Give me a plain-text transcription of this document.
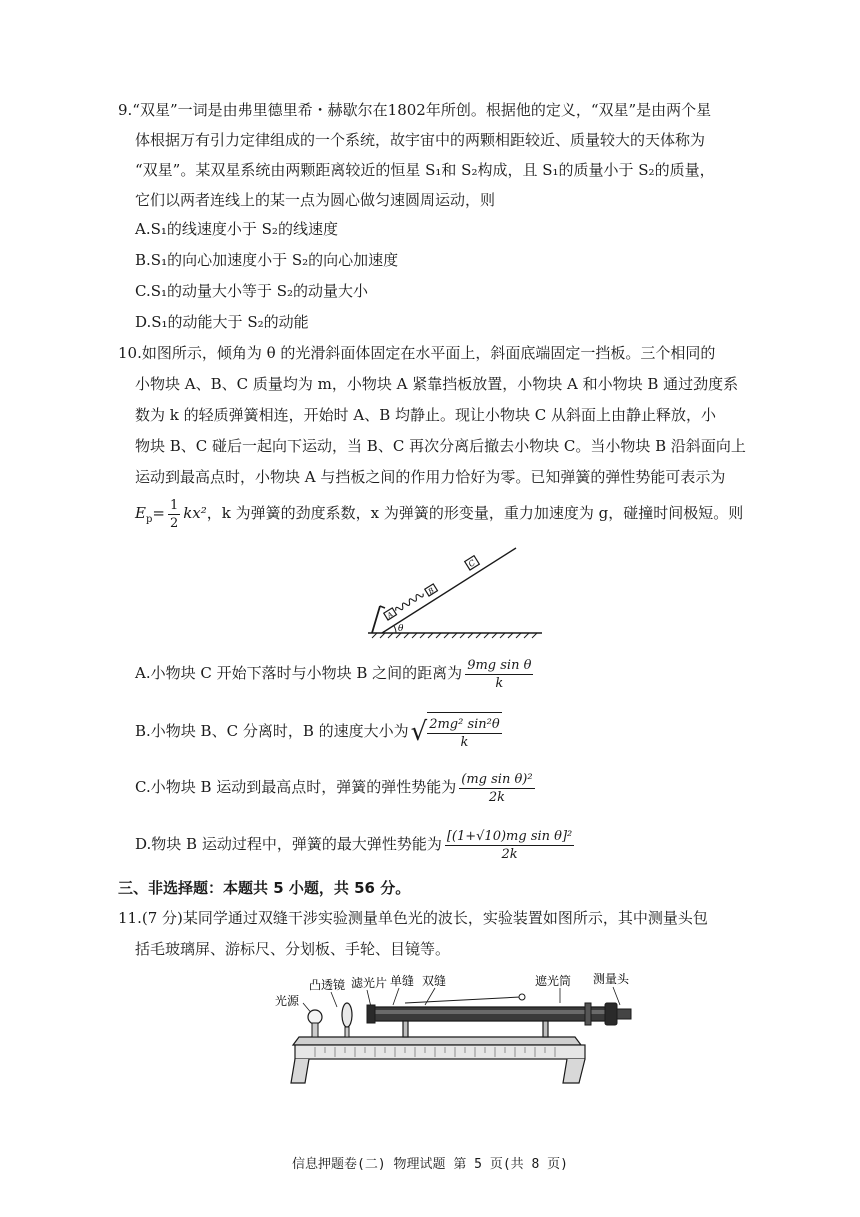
9.“双星”一词是由弗里德里希・赫歇尔在1802年所创。根据他的定义，“双星”是由两个星
体根据万有引力定律组成的一个系统，故宇宙中的两颗相距较近、质量较大的天体称为
“双星”。某双星系统由两颗距离较近的恒星 S₁和 S₂构成，且 S₁的质量小于 S₂的质量，
它们以两者连线上的某一点为圆心做匀速圆周运动，则
A.S₁的线速度小于 S₂的线速度
B.S₁的向心加速度小于 S₂的向心加速度
C.S₁的动量大小等于 S₂的动量大小
D.S₁的动能大于 S₂的动能
10.如图所示，倾角为 θ 的光滑斜面体固定在水平面上，斜面底端固定一挡板。三个相同的
小物块 A、B、C 质量均为 m，小物块 A 紧靠挡板放置，小物块 A 和小物块 B 通过劲度系
数为 k 的轻质弹簧相连，开始时 A、B 均静止。现让小物块 C 从斜面上由静止释放，小
物块 B、C 碰后一起向下运动，当 B、C 再次分离后撤去小物块 C。当小物块 B 沿斜面向上
运动到最高点时，小物块 A 与挡板之间的作用力恰好为零。已知弹簧的弹性势能可表示为
$E_p= \frac{1}{2} kx^2$，k 为弹簧的劲度系数，x 为弹簧的形变量，重力加速度为 g，碰撞时间极短。则
A
B
C
θ
A.小物块 C 开始下落时与小物块 B 之间的距离为 $\frac{\text{9mg sin θ}}{k}$
B.小物块 B、C 分离时，B 的速度大小为√ $\frac{\text{2mg² sin²θ}}{k}$
C.小物块 B 运动到最高点时，弹簧的弹性势能为 $\frac{\text{(mg sin θ)²}}{2k}$
D.物块 B 运动过程中，弹簧的最大弹性势能为 $\frac{\text{[(1+√10)mg sin θ]²}}{2k}$
三、非选择题：本题共 5 小题，共 56 分。
11.(7 分)某同学通过双缝干涉实验测量单色光的波长，实验装置如图所示，其中测量头包
括毛玻璃屏、游标尺、分划板、手轮、目镜等。
光源
凸透镜 滤光片 单缝 双缝	遮光筒 测量头
信息押题卷(二) 物理试题 第 5 页(共 8 页)
